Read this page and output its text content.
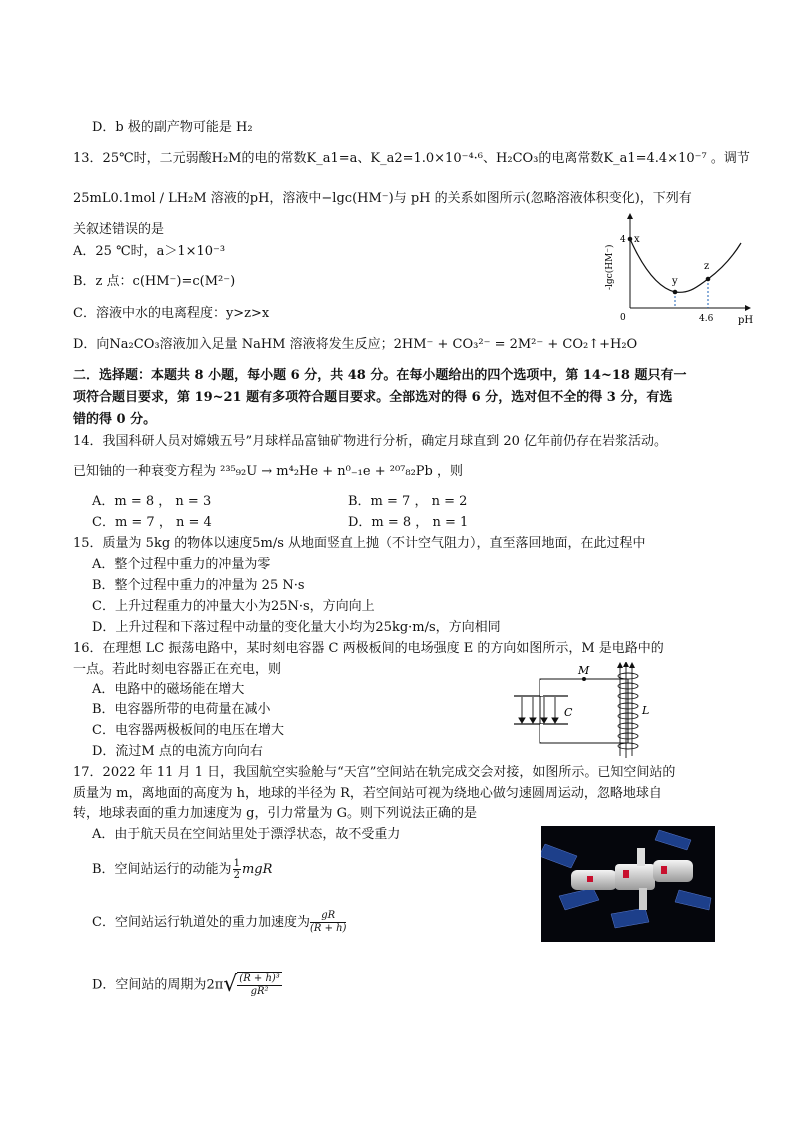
D．b 极的副产物可能是 H₂
13．25℃时，二元弱酸H₂M的电的常数K_a1=a、K_a2=1.0×10⁻⁴·⁶、H₂CO₃的电离常数K_a1=4.4×10⁻⁷ 。调节
25mL0.1mol / LH₂M 溶液的pH，溶液中−lgc(HM⁻)与 pH 的关系如图所示(忽略溶液体积变化)，下列有
关叙述错误的是
A．25 ℃时，a＞1×10⁻³
B．z 点：c(HM⁻)=c(M²⁻)
C．溶液中水的电离程度：y>z>x
D．向Na₂CO₃溶液加入足量 NaHM 溶液将发生反应；2HM⁻ + CO₃²⁻ = 2M²⁻ + CO₂↑+H₂O
x
y
z
4
0	4.6 pH
-lgc(HM⁻)
二．选择题：本题共 8 小题，每小题 6 分，共 48 分。在每小题给出的四个选项中，第 14~18 题只有一
项符合题目要求，第 19~21 题有多项符合题目要求。全部选对的得 6 分，选对但不全的得 3 分，有选
错的得 0 分。
14．我国科研人员对嫦娥五号”月球样品富铀矿物进行分析，确定月球直到 20 亿年前仍存在岩浆活动。
已知铀的一种衰变方程为 ²³⁵₉₂U → m⁴₂He + n⁰₋₁e + ²⁰⁷₈₂Pb ，则
A．m = 8 ， n = 3	B．m = 7 ， n = 2
C．m = 7 ， n = 4	D．m = 8 ， n = 1
15．质量为 5kg 的物体以速度5m/s 从地面竖直上抛（不计空气阻力），直至落回地面，在此过程中
A．整个过程中重力的冲量为零
B．整个过程中重力的冲量为 25 N·s
C．上升过程重力的冲量大小为25N·s，方向向上
D．上升过程和下落过程中动量的变化量大小均为25kg·m/s，方向相同
16．在理想 LC 振荡电路中，某时刻电容器 C 两极板间的电场强度 E 的方向如图所示，M 是电路中的
一点。若此时刻电容器正在充电，则
A．电路中的磁场能在增大
B．电容器所带的电荷量在减小
C．电容器两极板间的电压在增大
D．流过M 点的电流方向向右
M
C	L
17．2022 年 11 月 1 日，我国航空实验舱与“天宫”空间站在轨完成交会对接，如图所示。已知空间站的
质量为 m，离地面的高度为 h，地球的半径为 R，若空间站可视为绕地心做匀速圆周运动，忽略地球自
转，地球表面的重力加速度为 g，引力常量为 G。则下列说法正确的是
A．由于航天员在空间站里处于漂浮状态，故不受重力
B．空间站运行的动能为 $\frac{1}{2}$ mgR
C．空间站运行轨道处的重力加速度为 $\frac{gR}{(R + h)}$
D．空间站的周期为$2\pi√ \frac{\text{(R + h)³}}{\text{gR²}}$
